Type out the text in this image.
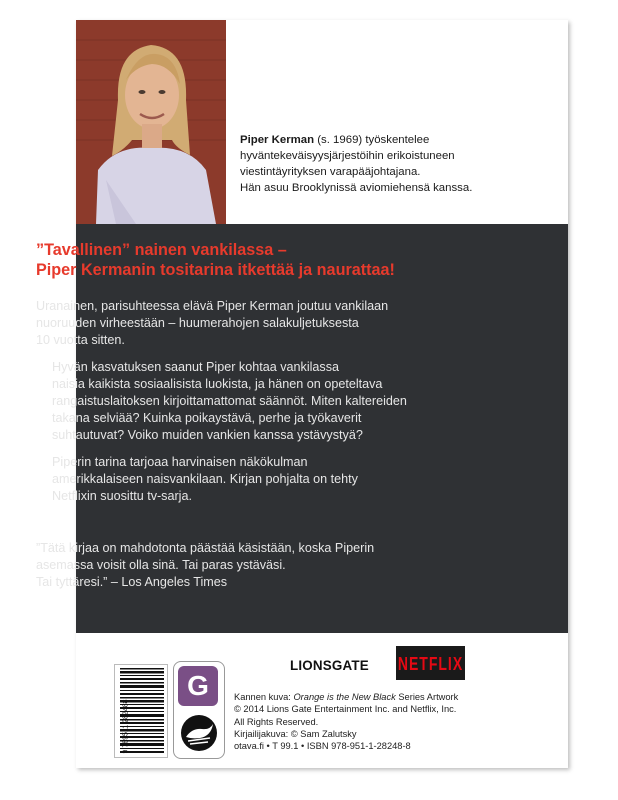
Piper Kerman (s. 1969) työskentelee
hyväntekeväisyysjärjestöihin erikoistuneen
viestintäyrityksen varapääjohtajana.
Hän asuu Brooklynissä aviomiehensä kanssa.
”Tavallinen” nainen vankilassa –
Piper Kermanin tositarina itkettää ja naurattaa!

Uranainen, parisuhteessa elävä Piper Kerman joutuu vankilaan
nuoruuden virheestään – huumerahojen salakuljetuksesta
10 vuotta sitten.

Hyvän kasvatuksen saanut Piper kohtaa vankilassa
naisia kaikista sosiaalisista luokista, ja hänen on opeteltava
rangaistuslaitoksen kirjoittamattomat säännöt. Miten kaltereiden
takana selviää? Kuinka poikaystävä, perhe ja työkaverit
suhtautuvat? Voiko muiden vankien kanssa ystävystyä?

Piperin tarina tarjoaa harvinaisen näkökulman
amerikkalaiseen naisvankilaan. Kirjan pohjalta on tehty
Netflixin suosittu tv-sarja.

”Tätä kirjaa on mahdotonta päästää käsistään, koska Piperin
asemassa voisit olla sinä. Tai paras ystäväsi.
Tai tyttäresi.” – Los Angeles Times
LIONSGATE NETFLIX
9 789511 282488
G	Kannen kuva: Orange is the New Black Series Artwork
© 2014 Lions Gate Entertainment Inc. and Netflix, Inc.
All Rights Reserved.
Kirjailijakuva: © Sam Zalutsky
otava.fi • T 99.1 • ISBN 978-951-1-28248-8
